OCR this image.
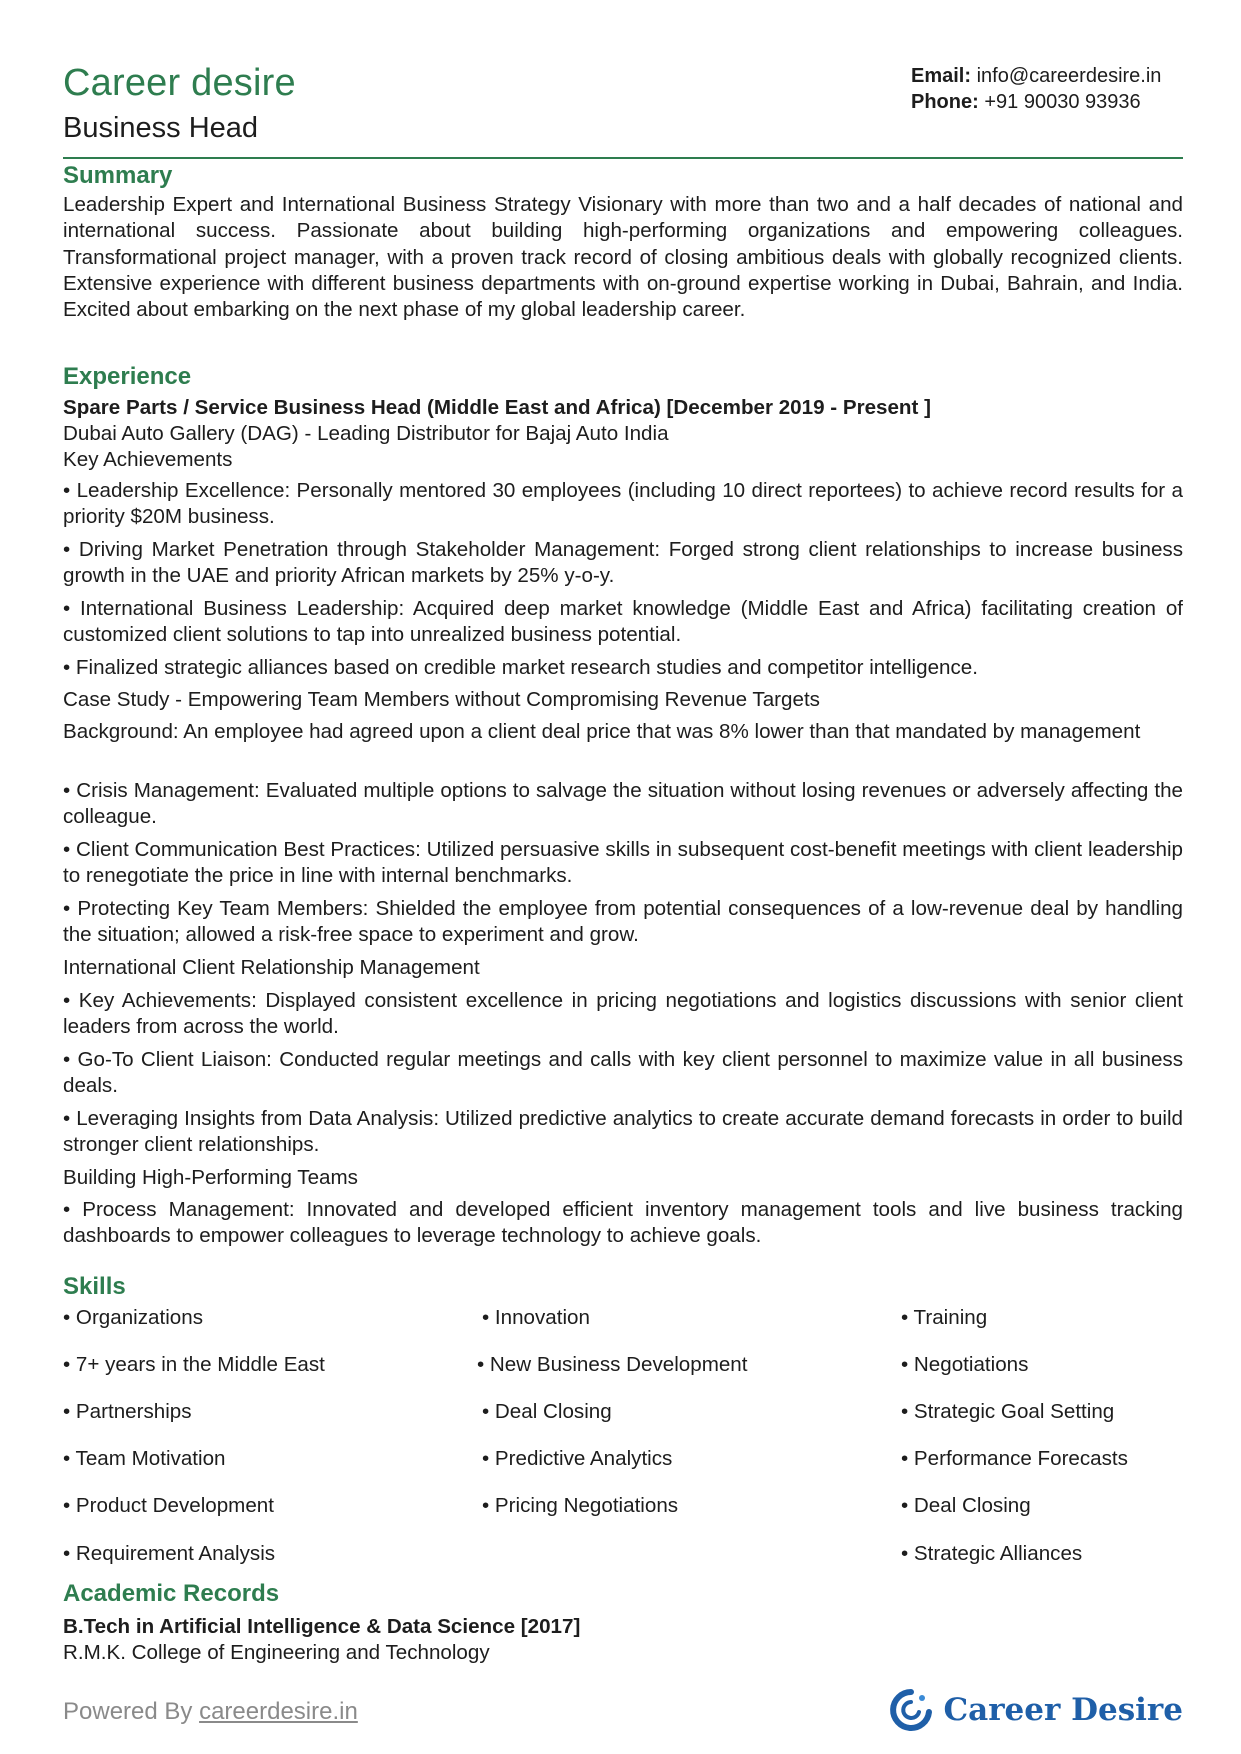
Career desire
Business Head
Email: info@careerdesire.in
Phone: +91 90030 93936
Summary
Leadership Expert and International Business Strategy Visionary with more than two and a half decades of national and international success. Passionate about building high-performing organizations and empowering colleagues. Transformational project manager, with a proven track record of closing ambitious deals with globally recognized clients. Extensive experience with different business departments with on-ground expertise working in Dubai, Bahrain, and India. Excited about embarking on the next phase of my global leadership career.
Experience
Spare Parts / Service Business Head (Middle East and Africa) [December 2019 - Present ]
Dubai Auto Gallery (DAG) - Leading Distributor for Bajaj Auto India
Key Achievements
• Leadership Excellence: Personally mentored 30 employees (including 10 direct reportees) to achieve record results for a priority $20M business.
• Driving Market Penetration through Stakeholder Management: Forged strong client relationships to increase business growth in the UAE and priority African markets by 25% y-o-y.
• International Business Leadership: Acquired deep market knowledge (Middle East and Africa) facilitating creation of customized client solutions to tap into unrealized business potential.
• Finalized strategic alliances based on credible market research studies and competitor intelligence.
Case Study - Empowering Team Members without Compromising Revenue Targets
Background: An employee had agreed upon a client deal price that was 8% lower than that mandated by management
• Crisis Management: Evaluated multiple options to salvage the situation without losing revenues or adversely affecting the colleague.
• Client Communication Best Practices: Utilized persuasive skills in subsequent cost-benefit meetings with client leadership to renegotiate the price in line with internal benchmarks.
• Protecting Key Team Members: Shielded the employee from potential consequences of a low-revenue deal by handling the situation; allowed a risk-free space to experiment and grow.
International Client Relationship Management
• Key Achievements: Displayed consistent excellence in pricing negotiations and logistics discussions with senior client leaders from across the world.
• Go-To Client Liaison: Conducted regular meetings and calls with key client personnel to maximize value in all business deals.
• Leveraging Insights from Data Analysis: Utilized predictive analytics to create accurate demand forecasts in order to build stronger client relationships.
Building High-Performing Teams
• Process Management: Innovated and developed efficient inventory management tools and live business tracking dashboards to empower colleagues to leverage technology to achieve goals.
Skills
• Organizations
• 7+ years in the Middle East
• Partnerships
• Team Motivation
• Product Development
• Requirement Analysis
• Innovation
• New Business Development
• Deal Closing
• Predictive Analytics
• Pricing Negotiations
• Training
• Negotiations
• Strategic Goal Setting
• Performance Forecasts
• Deal Closing
• Strategic Alliances
Academic Records
B.Tech in Artificial Intelligence & Data Science [2017]
R.M.K. College of Engineering and Technology
Powered By careerdesire.in	Career Desire
